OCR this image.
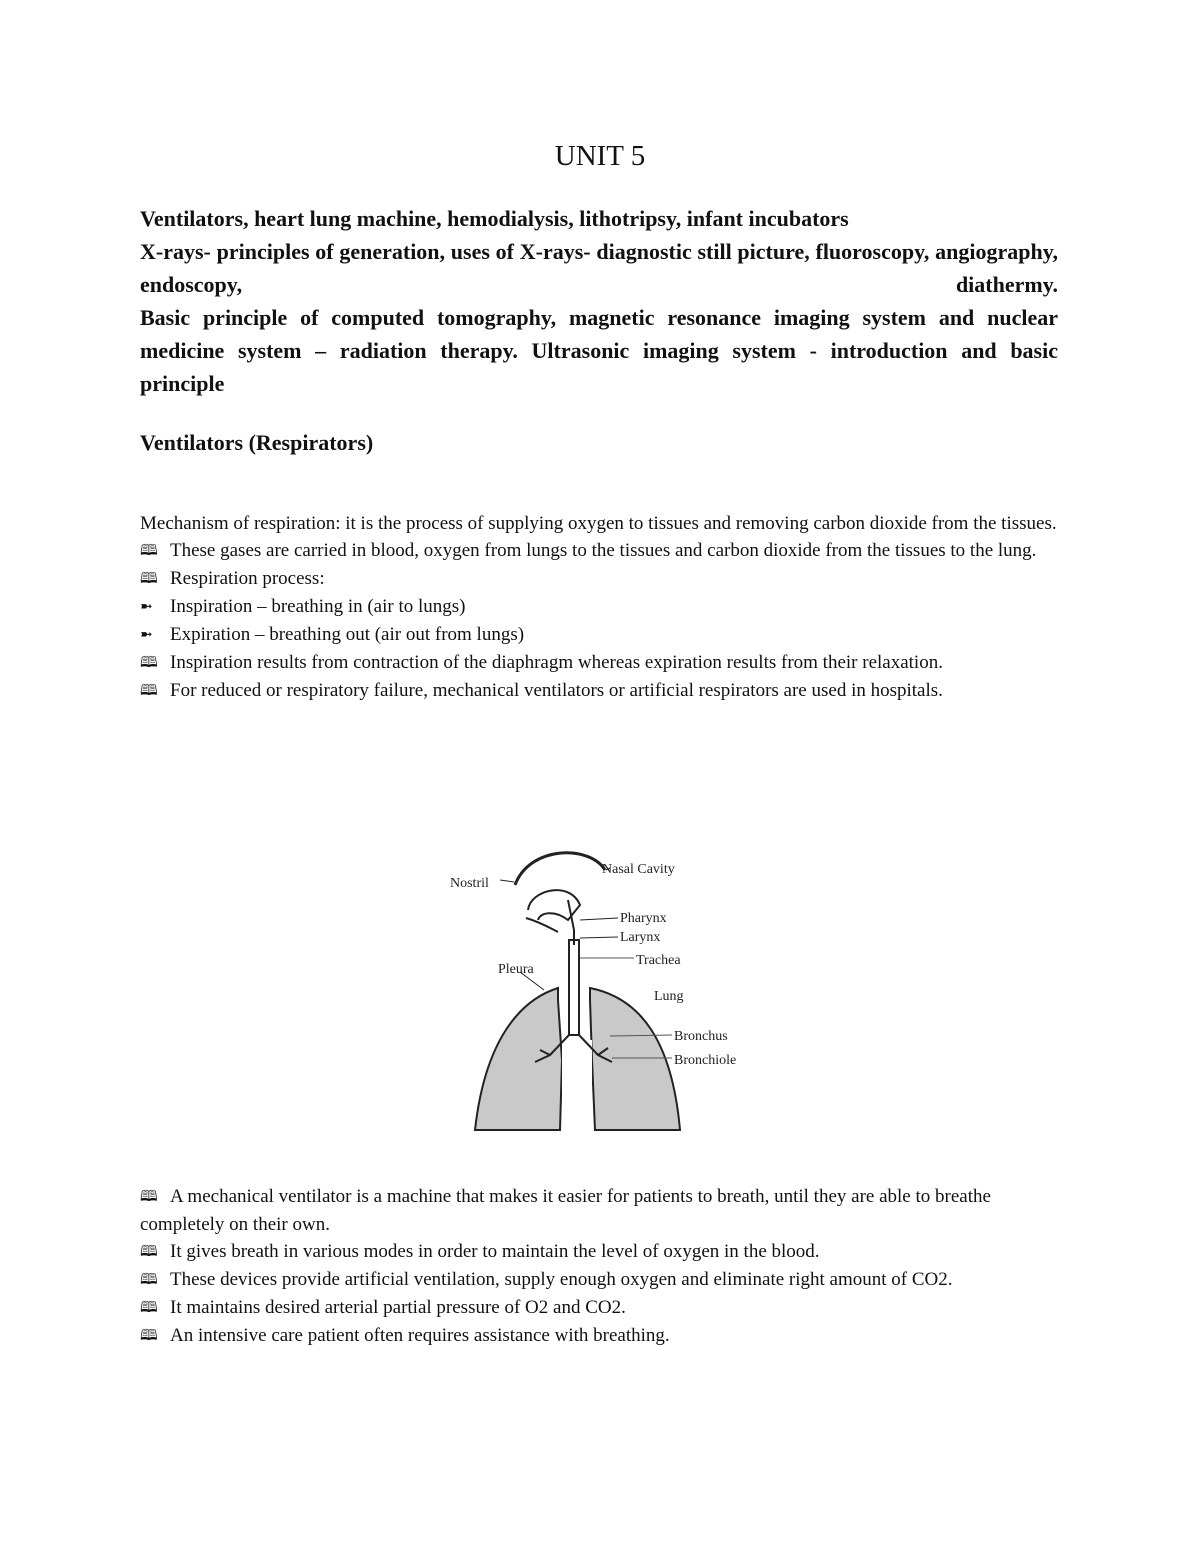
UNIT 5

Ventilators, heart lung machine, hemodialysis, lithotripsy, infant incubators

X-rays- principles of generation, uses of X-rays- diagnostic still picture, fluoroscopy, angiography, endoscopy, diathermy.

Basic principle of computed tomography, magnetic resonance imaging system and nuclear medicine system – radiation therapy. Ultrasonic imaging system - introduction and basic principle

Ventilators (Respirators)

Mechanism of respiration: it is the process of supplying oxygen to tissues and removing carbon dioxide from the tissues.

🕮 These gases are carried in blood, oxygen from lungs to the tissues and carbon dioxide from the tissues to the lung.

🕮 Respiration process:

➼ Inspiration – breathing in (air to lungs)

➼ Expiration – breathing out (air out from lungs)

🕮 Inspiration results from contraction of the diaphragm whereas expiration results from their relaxation.

🕮 For reduced or respiratory failure, mechanical ventilators or artificial respirators are used in hospitals.

Nostril
Nasal Cavity
Pharynx
Larynx
Trachea
Pleura
Lung
Bronchus
Bronchiole

🕮 A mechanical ventilator is a machine that makes it easier for patients to breath, until they are able to breathe completely on their own.

🕮 It gives breath in various modes in order to maintain the level of oxygen in the blood.

🕮 These devices provide artificial ventilation, supply enough oxygen and eliminate right amount of CO2.

🕮 It maintains desired arterial partial pressure of O2 and CO2.

🕮 An intensive care patient often requires assistance with breathing.
